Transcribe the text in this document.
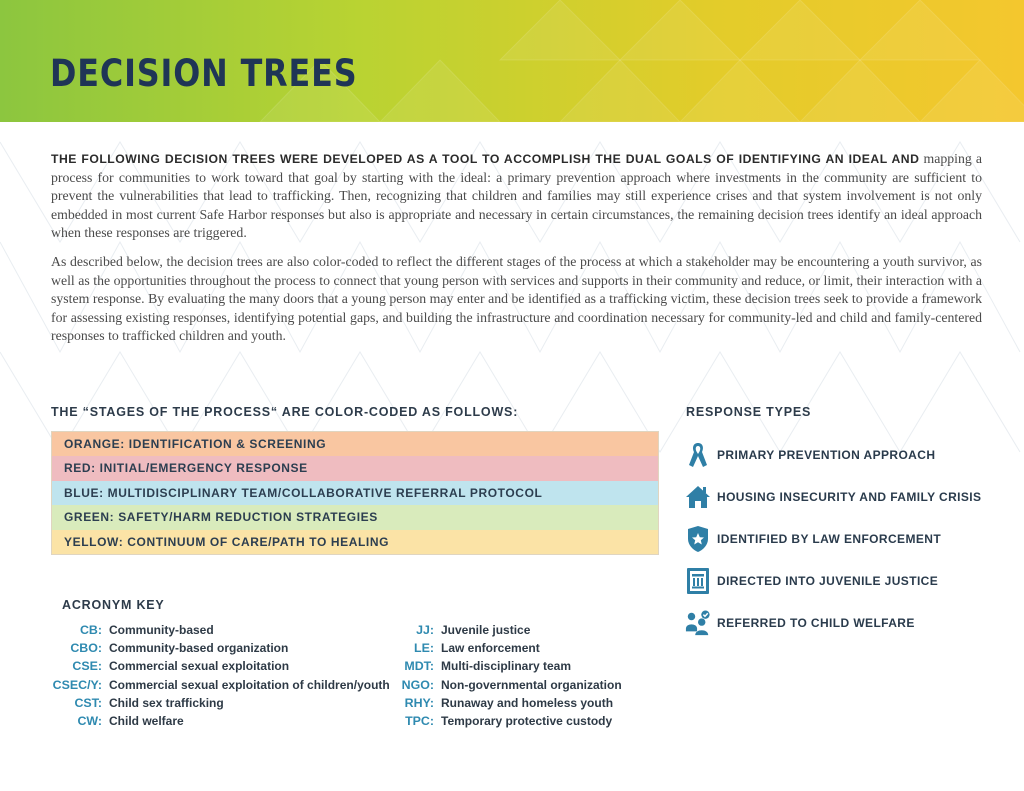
DECISION TREES

THE FOLLOWING DECISION TREES WERE DEVELOPED AS A TOOL TO ACCOMPLISH THE DUAL GOALS OF IDENTIFYING AN IDEAL AND mapping a process for communities to work toward that goal by starting with the ideal: a primary prevention approach where investments in the community are sufficient to prevent the vulnerabilities that lead to trafficking. Then, recognizing that children and families may still experience crises and that system involvement is not only embedded in most current Safe Harbor responses but also is appropriate and necessary in certain circumstances, the remaining decision trees identify an ideal approach when these responses are triggered.

As described below, the decision trees are also color-coded to reflect the different stages of the process at which a stakeholder may be encountering a youth survivor, as well as the opportunities throughout the process to connect that young person with services and supports in their community and reduce, or limit, their interaction with a system response. By evaluating the many doors that a young person may enter and be identified as a trafficking victim, these decision trees seek to provide a framework for assessing existing responses, identifying potential gaps, and building the infrastructure and coordination necessary for community-led and child and family-centered responses to trafficked children and youth.

THE “STAGES OF THE PROCESS“ ARE COLOR-CODED AS FOLLOWS:
ORANGE: IDENTIFICATION & SCREENING
RED: INITIAL/EMERGENCY RESPONSE
BLUE: MULTIDISCIPLINARY TEAM/COLLABORATIVE REFERRAL PROTOCOL
GREEN: SAFETY/HARM REDUCTION STRATEGIES
YELLOW: CONTINUUM OF CARE/PATH TO HEALING
RESPONSE TYPES
PRIMARY PREVENTION APPROACH
HOUSING INSECURITY AND FAMILY CRISIS
IDENTIFIED BY LAW ENFORCEMENT
DIRECTED INTO JUVENILE JUSTICE
REFERRED TO CHILD WELFARE
ACRONYM KEY
CB: Community-based
CBO: Community-based organization
CSE: Commercial sexual exploitation
CSEC/Y: Commercial sexual exploitation of children/youth
CST: Child sex trafficking
CW: Child welfare
JJ: Juvenile justice
LE: Law enforcement
MDT: Multi-disciplinary team
NGO: Non-governmental organization
RHY: Runaway and homeless youth
TPC: Temporary protective custody
